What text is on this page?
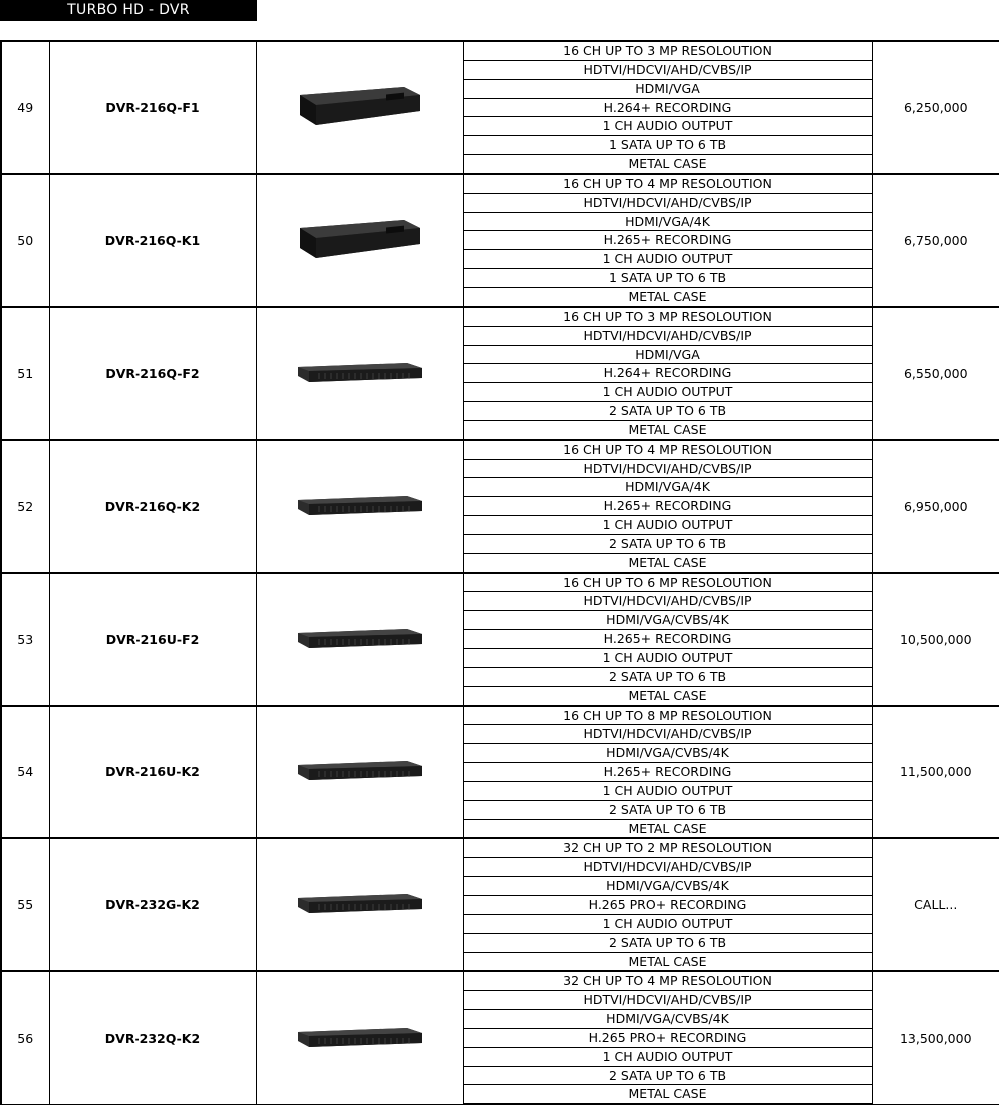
TURBO HD - DVR
49	DVR-216Q-F1		16 CH UP TO 3 MP RESOLOUTION	6,250,000
			HDTVI/HDCVI/AHD/CVBS/IP	
			HDMI/VGA	
			H.264+ RECORDING	
			1 CH AUDIO OUTPUT	
			1 SATA UP TO 6 TB	
			METAL CASE	
50	DVR-216Q-K1		16 CH UP TO 4 MP RESOLOUTION	6,750,000
			HDTVI/HDCVI/AHD/CVBS/IP	
			HDMI/VGA/4K	
			H.265+ RECORDING	
			1 CH AUDIO OUTPUT	
			1 SATA UP TO 6 TB	
			METAL CASE	
51	DVR-216Q-F2		16 CH UP TO 3 MP RESOLOUTION	6,550,000
			HDTVI/HDCVI/AHD/CVBS/IP	
			HDMI/VGA	
			H.264+ RECORDING	
			1 CH AUDIO OUTPUT	
			2 SATA UP TO 6 TB	
			METAL CASE	
52	DVR-216Q-K2		16 CH UP TO 4 MP RESOLOUTION	6,950,000
			HDTVI/HDCVI/AHD/CVBS/IP	
			HDMI/VGA/4K	
			H.265+ RECORDING	
			1 CH AUDIO OUTPUT	
			2 SATA UP TO 6 TB	
			METAL CASE	
53	DVR-216U-F2		16 CH UP TO 6 MP RESOLOUTION	10,500,000
			HDTVI/HDCVI/AHD/CVBS/IP	
			HDMI/VGA/CVBS/4K	
			H.265+ RECORDING	
			1 CH AUDIO OUTPUT	
			2 SATA UP TO 6 TB	
			METAL CASE	
54	DVR-216U-K2		16 CH UP TO 8 MP RESOLOUTION	11,500,000
			HDTVI/HDCVI/AHD/CVBS/IP	
			HDMI/VGA/CVBS/4K	
			H.265+ RECORDING	
			1 CH AUDIO OUTPUT	
			2 SATA UP TO 6 TB	
			METAL CASE	
55	DVR-232G-K2		32 CH UP TO 2 MP RESOLOUTION	CALL...
			HDTVI/HDCVI/AHD/CVBS/IP	
			HDMI/VGA/CVBS/4K	
			H.265 PRO+ RECORDING	
			1 CH AUDIO OUTPUT	
			2 SATA UP TO 6 TB	
			METAL CASE	
56	DVR-232Q-K2		32 CH UP TO 4 MP RESOLOUTION	13,500,000
			HDTVI/HDCVI/AHD/CVBS/IP	
			HDMI/VGA/CVBS/4K	
			H.265 PRO+ RECORDING	
			1 CH AUDIO OUTPUT	
			2 SATA UP TO 6 TB	
			METAL CASE	
